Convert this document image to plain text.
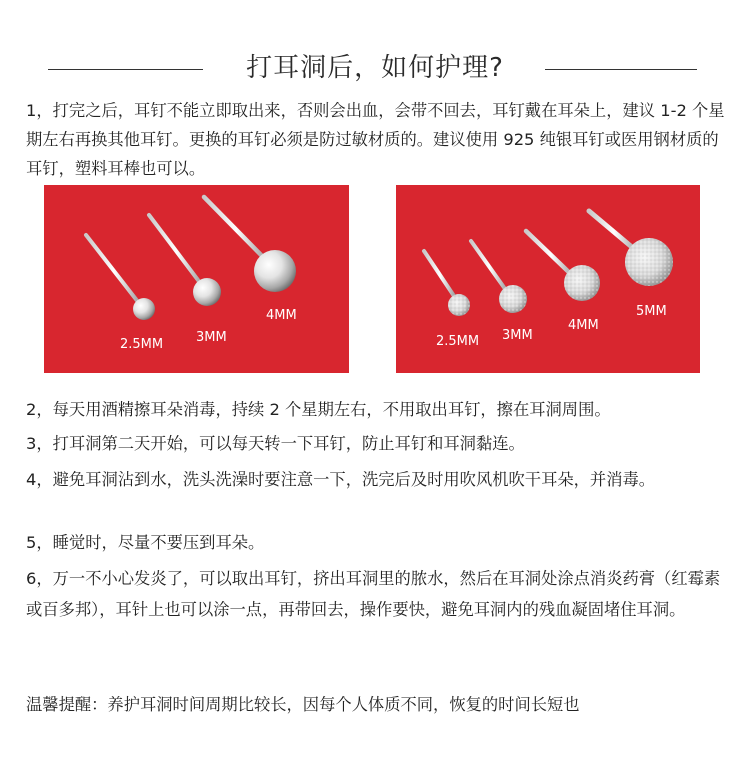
打耳洞后，如何护理?

1，打完之后，耳钉不能立即取出来，否则会出血，会带不回去，耳钉戴在耳朵上，建议 1-2 个星期左右再换其他耳钉。更换的耳钉必须是防过敏材质的。建议使用 925 纯银耳钉或医用钢材质的耳钉，塑料耳棒也可以。

2.5MM	3MM
4MM
2.5MM 3MM
4MM
5MM

2，每天用酒精擦耳朵消毒，持续 2 个星期左右，不用取出耳钉，擦在耳洞周围。

3，打耳洞第二天开始，可以每天转一下耳钉，防止耳钉和耳洞黏连。

4，避免耳洞沾到水，洗头洗澡时要注意一下，洗完后及时用吹风机吹干耳朵，并消毒。

5，睡觉时，尽量不要压到耳朵。

6，万一不小心发炎了，可以取出耳钉，挤出耳洞里的脓水，然后在耳洞处涂点消炎药膏（红霉素或百多邦），耳针上也可以涂一点，再带回去，操作要快，避免耳洞内的残血凝固堵住耳洞。

温馨提醒：养护耳洞时间周期比较长，因每个人体质不同，恢复的时间长短也
